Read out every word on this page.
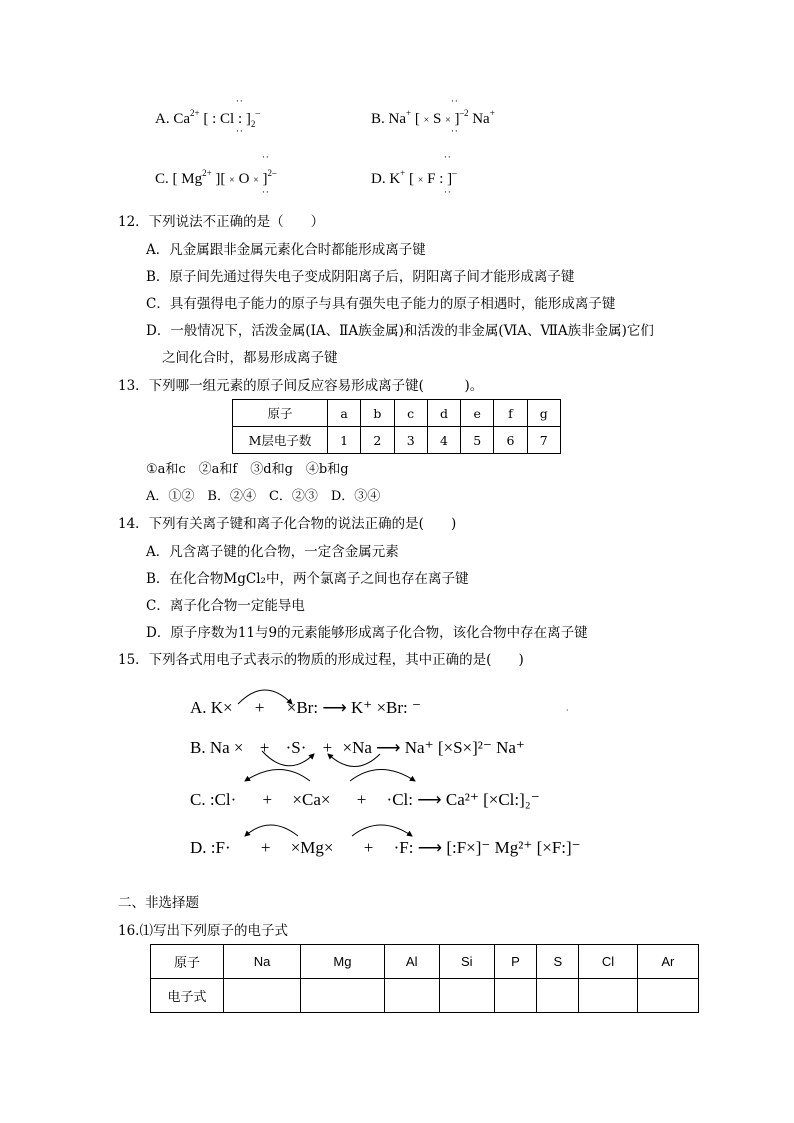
··
A. $Ca^{2+}$ [ : Cl : ]$_2^-$
··
··
B. Na+ [ × S × ]$^{-2}$ Na+
··
··
C. [ $Mg^{2+}$ ][ × O × ]$^{2-}$
··
··
D. K+ [ × F : ]–
··
12．下列说法不正确的是（　　）
A．凡金属跟非金属元素化合时都能形成离子键
B．原子间先通过得失电子变成阴阳离子后，阴阳离子间才能形成离子键
C．具有强得电子能力的原子与具有强失电子能力的原子相遇时，能形成离子键
D．一般情况下，活泼金属(IA、ⅡA族金属)和活泼的非金属(ⅥA、ⅦA族非金属)它们
之间化合时，都易形成离子键
13．下列哪一组元素的原子间反应容易形成离子键(　　　)。
原子	a	b	c	d	e	f	g
M层电子数	1	2	3	4	5	6	7
①a和c　②a和f　③d和g　④b和g
A．①②　B．②④　C．②③　D．③④
14．下列有关离子键和离子化合物的说法正确的是(　　)
A．凡含离子键的化合物，一定含金属元素
B．在化合物MgCl₂中，两个氯离子之间也存在离子键
C．离子化合物一定能导电
D．原子序数为11与9的元素能够形成离子化合物，该化合物中存在离子键
15．下列各式用电子式表示的物质的形成过程，其中正确的是(　　)
A. K× + ×Br: ⟶ K⁺ ×Br: ⁻	·
B. Na × + ·S· + ×Na ⟶ Na⁺ [×S×]²⁻ Na⁺
C. :Cl· + ×Ca× + ·Cl: ⟶ Ca²⁺ [×Cl:]₂⁻
D. :F· + ×Mg× + ·F: ⟶ [:F×]⁻ Mg²⁺ [×F:]⁻
二、非选择题
16.⑴写出下列原子的电子式
原子	Na	Mg	Al	Si	P	S	Cl	Ar
电子式								
